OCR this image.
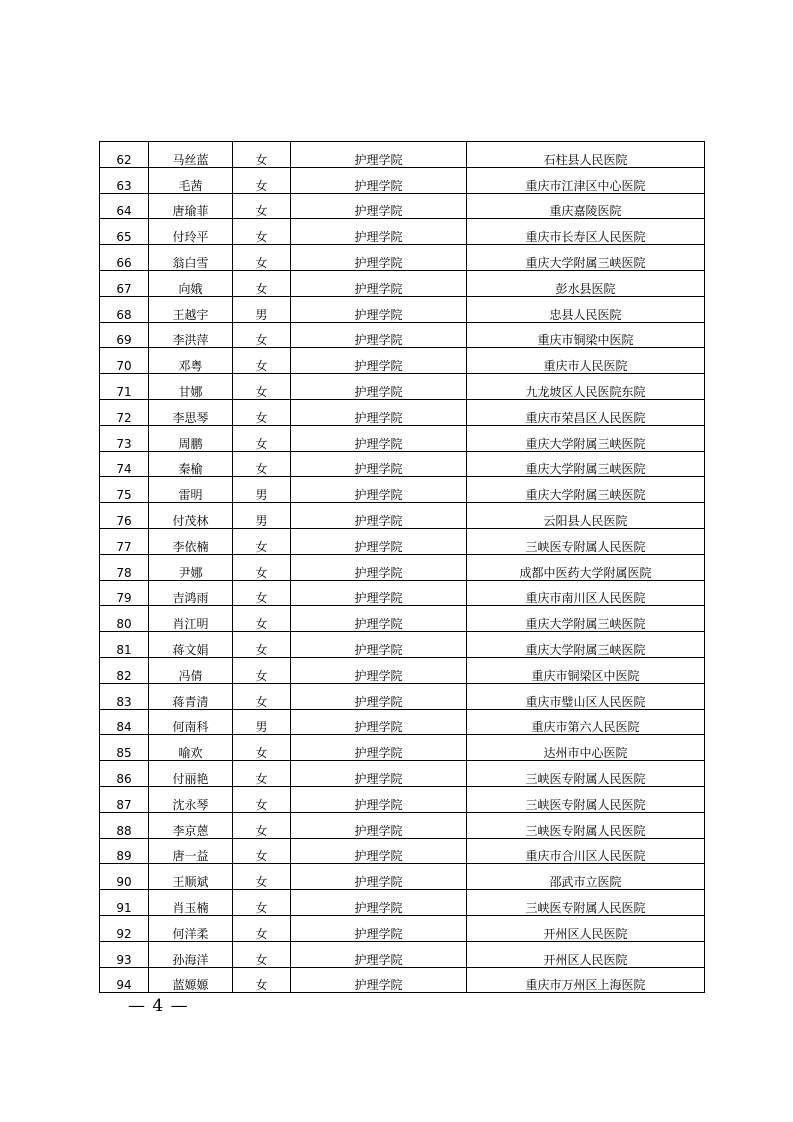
62	马丝蓝	女	护理学院	石柱县人民医院
63	毛茜	女	护理学院	重庆市江津区中心医院
64	唐瑜菲	女	护理学院	重庆嘉陵医院
65	付玲平	女	护理学院	重庆市长寿区人民医院
66	翁白雪	女	护理学院	重庆大学附属三峡医院
67	向娥	女	护理学院	彭水县医院
68	王越宇	男	护理学院	忠县人民医院
69	李洪萍	女	护理学院	重庆市铜梁中医院
70	邓粤	女	护理学院	重庆市人民医院
71	甘娜	女	护理学院	九龙坡区人民医院东院
72	李思琴	女	护理学院	重庆市荣昌区人民医院
73	周鹏	女	护理学院	重庆大学附属三峡医院
74	秦榆	女	护理学院	重庆大学附属三峡医院
75	雷明	男	护理学院	重庆大学附属三峡医院
76	付茂林	男	护理学院	云阳县人民医院
77	李依楠	女	护理学院	三峡医专附属人民医院
78	尹娜	女	护理学院	成都中医药大学附属医院
79	吉鸿雨	女	护理学院	重庆市南川区人民医院
80	肖江明	女	护理学院	重庆大学附属三峡医院
81	蒋文娟	女	护理学院	重庆大学附属三峡医院
82	冯倩	女	护理学院	重庆市铜梁区中医院
83	蒋青清	女	护理学院	重庆市璧山区人民医院
84	何南科	男	护理学院	重庆市第六人民医院
85	喻欢	女	护理学院	达州市中心医院
86	付丽艳	女	护理学院	三峡医专附属人民医院
87	沈永琴	女	护理学院	三峡医专附属人民医院
88	李京蒽	女	护理学院	三峡医专附属人民医院
89	唐一益	女	护理学院	重庆市合川区人民医院
90	王顺斌	女	护理学院	邵武市立医院
91	肖玉楠	女	护理学院	三峡医专附属人民医院
92	何洋柔	女	护理学院	开州区人民医院
93	孙海洋	女	护理学院	开州区人民医院
94	蓝嫄嫄	女	护理学院	重庆市万州区上海医院
— 4 —
